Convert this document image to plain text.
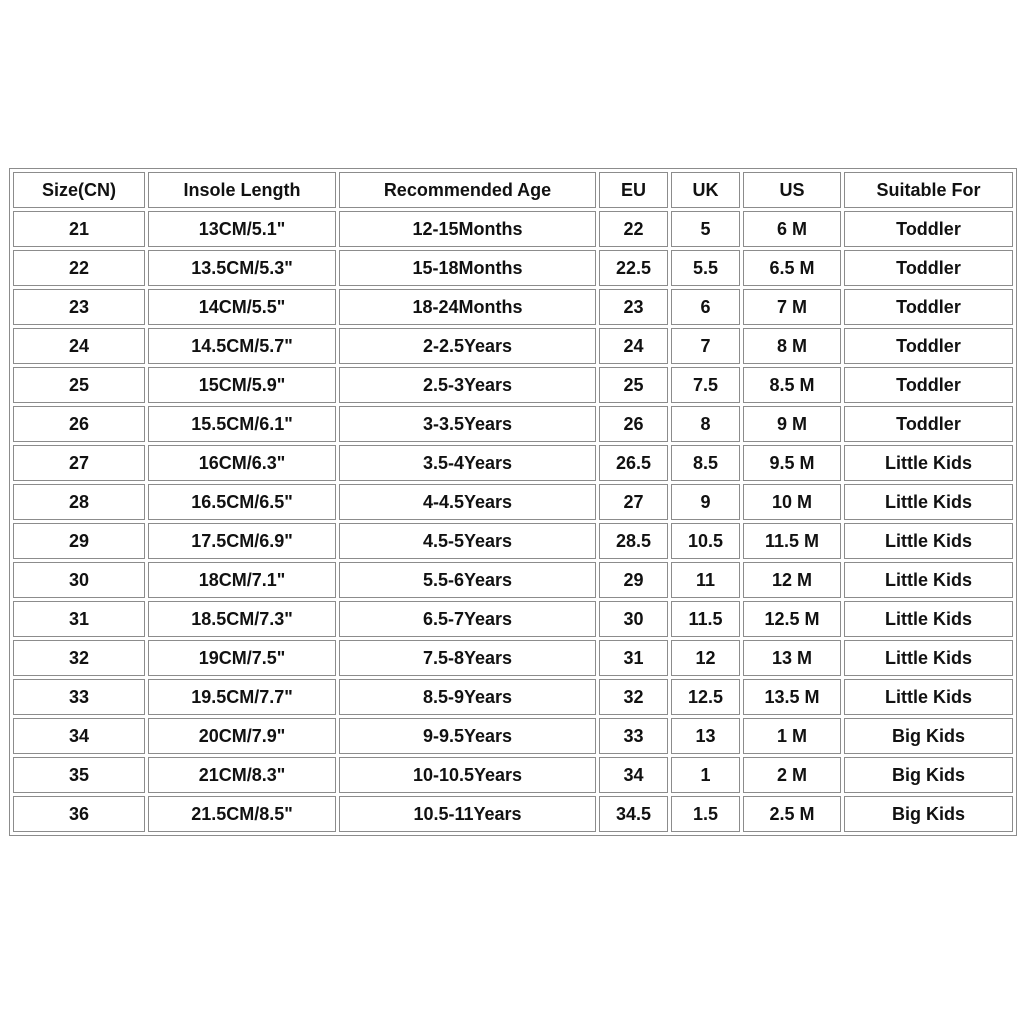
Size(CN)	Insole Length	Recommended Age	EU	UK	US	Suitable For
21	13CM/5.1"	12-15Months	22	5	6 M	Toddler
22	13.5CM/5.3"	15-18Months	22.5	5.5	6.5 M	Toddler
23	14CM/5.5"	18-24Months	23	6	7 M	Toddler
24	14.5CM/5.7"	2-2.5Years	24	7	8 M	Toddler
25	15CM/5.9"	2.5-3Years	25	7.5	8.5 M	Toddler
26	15.5CM/6.1"	3-3.5Years	26	8	9 M	Toddler
27	16CM/6.3"	3.5-4Years	26.5	8.5	9.5 M	Little Kids
28	16.5CM/6.5"	4-4.5Years	27	9	10 M	Little Kids
29	17.5CM/6.9"	4.5-5Years	28.5	10.5	11.5 M	Little Kids
30	18CM/7.1"	5.5-6Years	29	11	12 M	Little Kids
31	18.5CM/7.3"	6.5-7Years	30	11.5	12.5 M	Little Kids
32	19CM/7.5"	7.5-8Years	31	12	13 M	Little Kids
33	19.5CM/7.7"	8.5-9Years	32	12.5	13.5 M	Little Kids
34	20CM/7.9"	9-9.5Years	33	13	1 M	Big Kids
35	21CM/8.3"	10-10.5Years	34	1	2 M	Big Kids
36	21.5CM/8.5"	10.5-11Years	34.5	1.5	2.5 M	Big Kids
